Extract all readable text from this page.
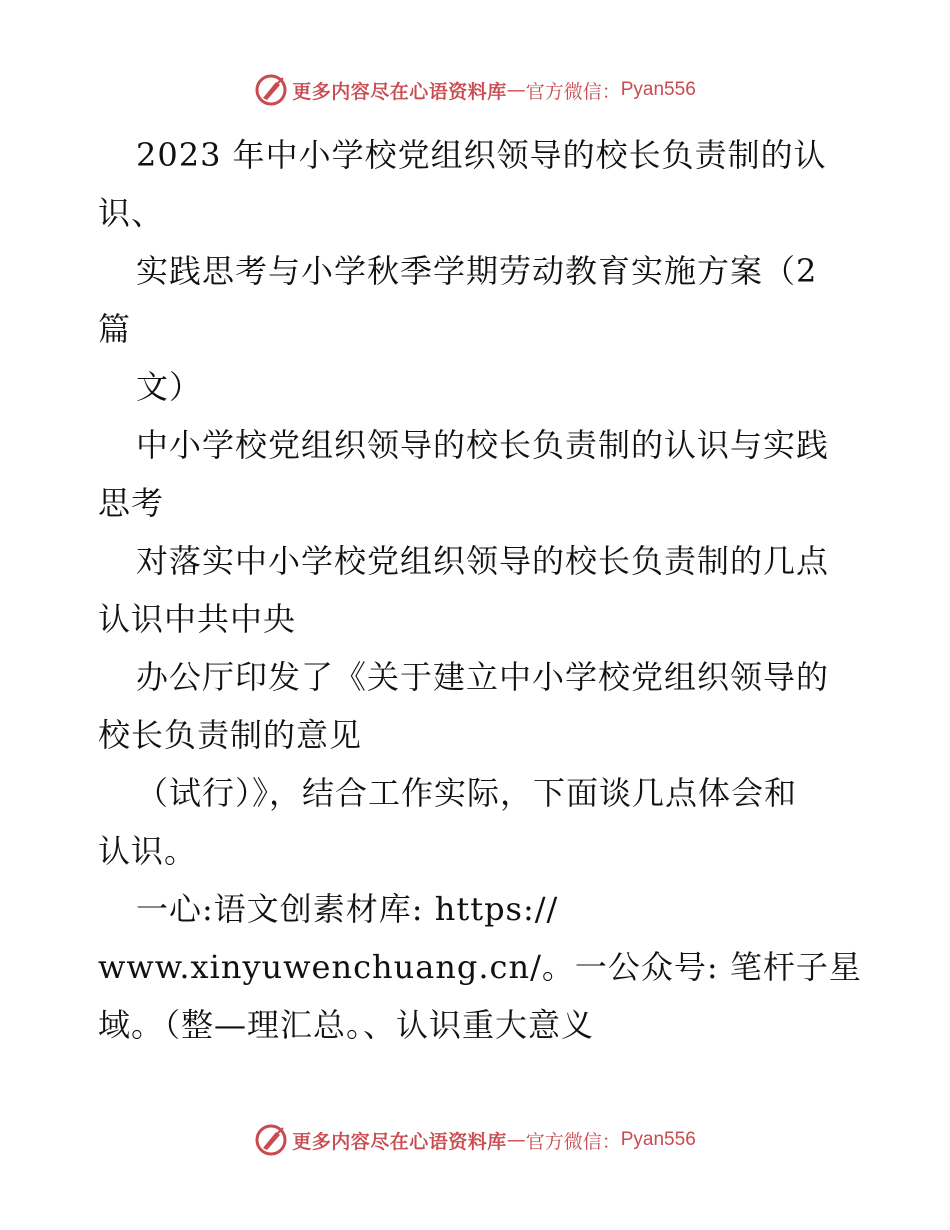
更多内容尽在心语资料库 — 官方微信： Pyan556
2023 年中小学校党组织领导的校长负责制的认
识、
实践思考与小学秋季学期劳动教育实施方案（2
篇
文）
中小学校党组织领导的校长负责制的认识与实践
思考
对落实中小学校党组织领导的校长负责制的几点
认识中共中央
办公厅印发了《关于建立中小学校党组织领导的
校长负责制的意见
（试行）》，结合工作实际，下面谈几点体会和
认识。
一心:语文创素材库: https://
www.xinyuwenchuang.cn/。一公众号: 笔杆子星
域。（整—理汇总。、认识重大意义
更多内容尽在心语资料库 — 官方微信： Pyan556
